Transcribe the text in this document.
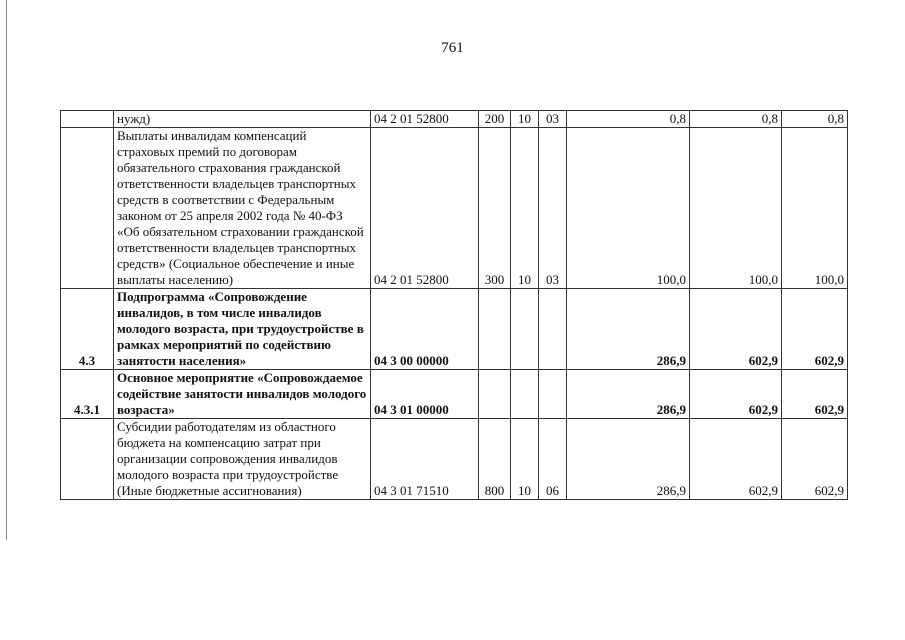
761

	нужд)	04 2 01 52800	200	10	03	0,8	0,8	0,8

	Выплаты инвалидам компенсаций страховых премий по договорам обязательного страхования гражданской ответственности владельцев транспортных средств в соответствии с Федеральным законом от 25 апреля 2002 года № 40-ФЗ «Об обязательном страховании гражданской ответственности владельцев транспортных средств» (Социальное обеспечение и иные выплаты населению)	04 2 01 52800	300	10	03	100,0	100,0	100,0
4.3	Подпрограмма «Сопровождение инвалидов, в том числе инвалидов молодого возраста, при трудоустройстве в рамках мероприятий по содействию занятости населения»	04 3 00 00000				286,9	602,9	602,9
4.3.1	Основное мероприятие «Сопровождаемое содействие занятости инвалидов молодого возраста»	04 3 01 00000				286,9	602,9	602,9

	Субсидии работодателям из областного бюджета на компенсацию затрат при организации сопровождения инвалидов молодого возраста при трудоустройстве (Иные бюджетные ассигнования)	04 3 01 71510	800	10	06	286,9	602,9	602,9
